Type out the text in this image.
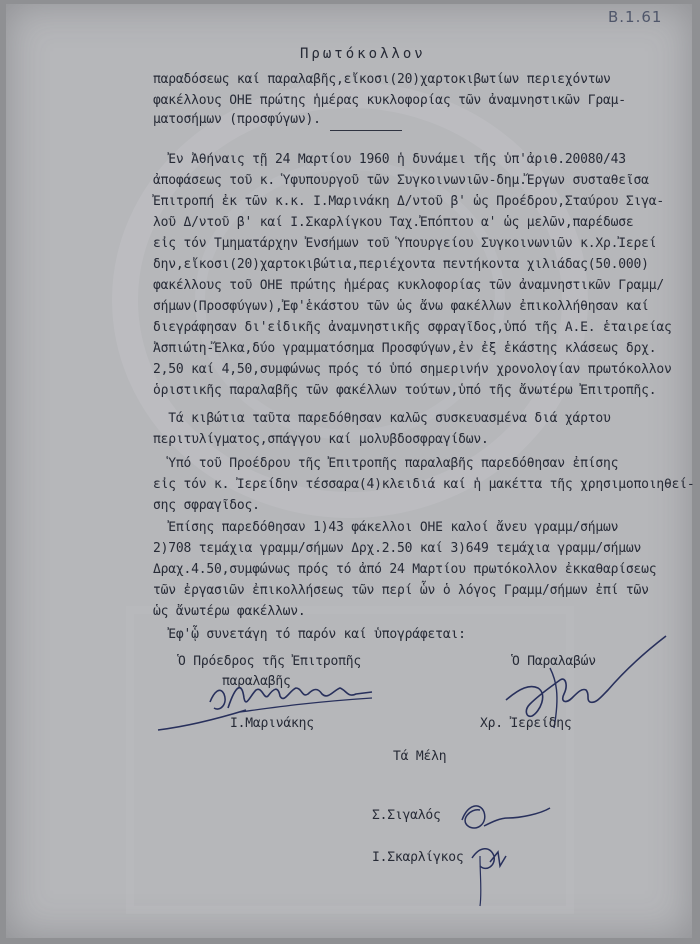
Β.1.61
Πρωτόκολλον
παραδόσεως καί παραλαβῆς,εἴκοσι(20)χαρτοκιβωτίων περιεχόντων
φακέλλους ΟΗΕ πρώτης ἡμέρας κυκλοφορίας τῶν ἀναμνηστικῶν Γραμ-
ματοσήμων (προσφύγων).
Ἐν Ἀθήναις τῇ 24 Μαρτίου 1960 ἡ δυνάμει τῆς ὑπ'ἀριθ.20080/43
ἀποφάσεως τοῦ κ. Ὑφυπουργοῦ τῶν Συγκοινωνιῶν-δημ.Ἔργων συσταθεῖσα
Ἐπιτροπή ἐκ τῶν κ.κ. Ι.Μαρινάκη Δ/ντοῦ β' ὡς Προέδρου,Σταύρου Σιγα-
λοῦ Δ/ντοῦ β' καί Ι.Σκαρλίγκου Ταχ.Ἐπόπτου α' ὡς μελῶν,παρέδωσε
εἰς τόν Τμηματάρχην Ἐνσήμων τοῦ Ὑπουργείου Συγκοινωνιῶν κ.Χρ.Ἰερεί
δην,εἴκοσι(20)χαρτοκιβώτια,περιέχοντα πεντήκοντα χιλιάδας(50.000)
φακέλλους τοῦ ΟΗΕ πρώτης ἡμέρας κυκλοφορίας τῶν ἀναμνηστικῶν Γραμμ/
σήμων(Προσφύγων),Ἐφ'ἑκάστου τῶν ὡς ἄνω φακέλλων ἐπικολλήθησαν καί
διεγράφησαν δι'εἰδικῆς ἀναμνηστικῆς σφραγῖδος,ὑπό τῆς Α.Ε. ἑταιρείας
Ἀσπιώτη-Ἔλκα,δύο γραμματόσημα Προσφύγων,ἐν ἐξ ἑκάστης κλάσεως δρχ.
2,50 καί 4,50,συμφώνως πρός τό ὑπό σημερινήν χρονολογίαν πρωτόκολλον
ὁριστικῆς παραλαβῆς τῶν φακέλλων τούτων,ὑπό τῆς ἄνωτέρω Ἐπιτροπῆς.
Τά κιβώτια ταῦτα παρεδόθησαν καλῶς συσκευασμένα διά χάρτου
περιτυλίγματος,σπάγγου καί μολυβδοσφραγίδων.
Ὑπό τοῦ Προέδρου τῆς Ἐπιτροπῆς παραλαβῆς παρεδόθησαν ἐπίσης
εἰς τόν κ. Ἰερείδην τέσσαρα(4)κλειδιά καί ἡ μακέττα τῆς χρησιμοποιηθεί-
σης σφραγῖδος.
Ἐπίσης παρεδόθησαν 1)43 φάκελλοι ΟΗΕ καλοί ἄνευ γραμμ/σήμων
2)708 τεμάχια γραμμ/σήμων Δρχ.2.50 καί 3)649 τεμάχια γραμμ/σήμων
Δραχ.4.50,συμφώνως πρός τό ἀπό 24 Μαρτίου πρωτόκολλον ἐκκαθαρίσεως
τῶν ἐργασιῶν ἐπικολλήσεως τῶν περί ὧν ὁ λόγος Γραμμ/σήμων ἐπί τῶν
ὡς ἄνωτέρω φακέλλων.
Ἐφ'ᾧ συνετάγη τό παρόν καί ὑπογράφεται:
Ὁ Πρόεδρος τῆς Ἐπιτροπῆς
παραλαβῆς
Ὁ Παραλαβών
Ι.Μαρινάκης	Χρ. Ἰερείδης
Τά Μέλη
Σ.Σιγαλός
Ι.Σκαρλίγκος
